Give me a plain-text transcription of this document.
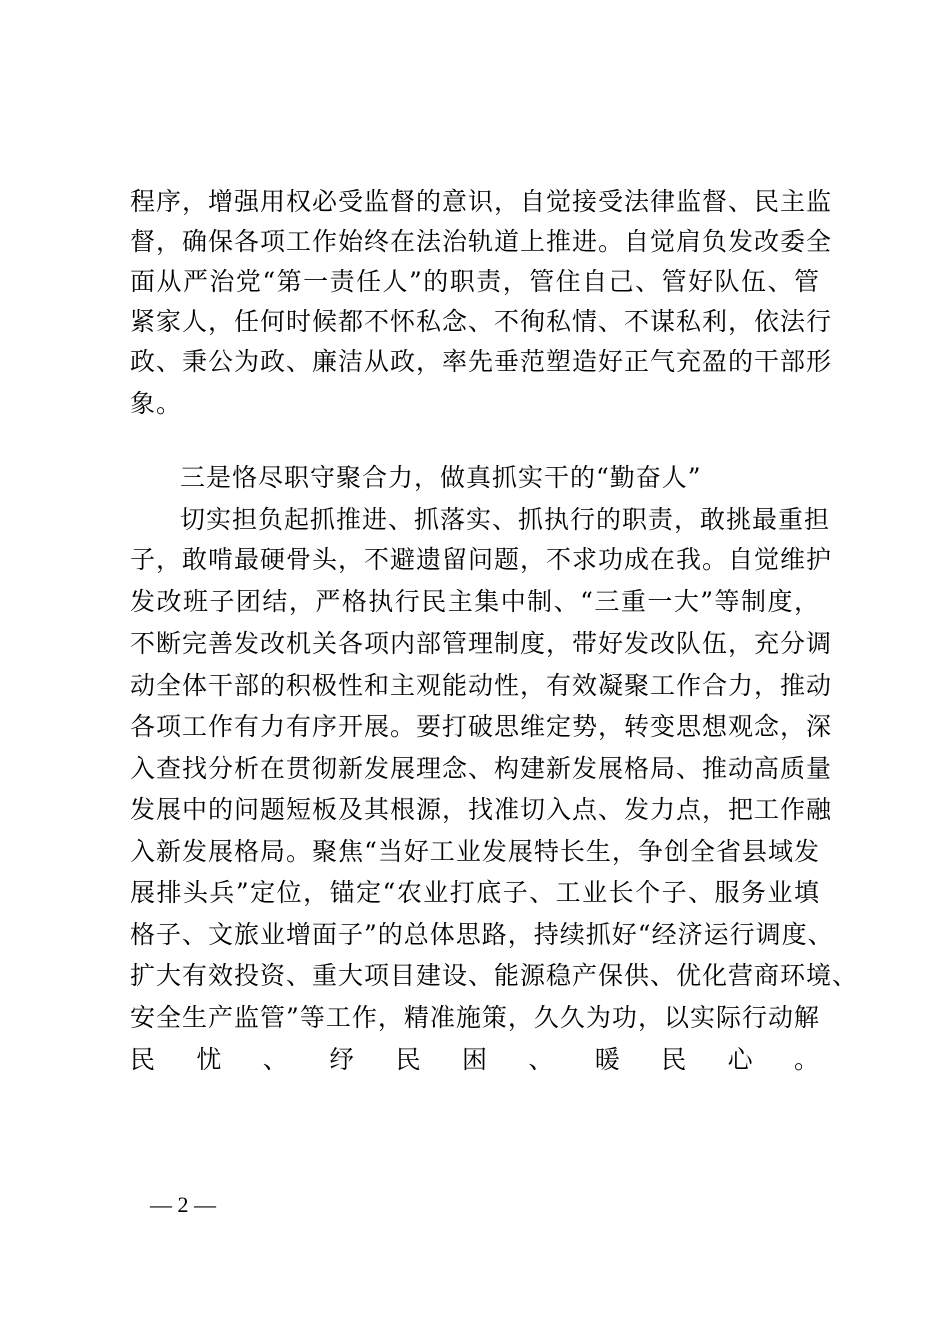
程序，增强用权必受监督的意识，自觉接受法律监督、民主监
督，确保各项工作始终在法治轨道上推进。自觉肩负发改委全
面从严治党“第一责任人”的职责，管住自己、管好队伍、管
紧家人，任何时候都不怀私念、不徇私情、不谋私利，依法行
政、秉公为政、廉洁从政，率先垂范塑造好正气充盈的干部形
象。
三是恪尽职守聚合力，做真抓实干的“勤奋人”
切实担负起抓推进、抓落实、抓执行的职责，敢挑最重担
子，敢啃最硬骨头，不避遗留问题，不求功成在我。自觉维护
发改班子团结，严格执行民主集中制、“三重一大”等制度，
不断完善发改机关各项内部管理制度，带好发改队伍，充分调
动全体干部的积极性和主观能动性，有效凝聚工作合力，推动
各项工作有力有序开展。要打破思维定势，转变思想观念，深
入查找分析在贯彻新发展理念、构建新发展格局、推动高质量
发展中的问题短板及其根源，找准切入点、发力点，把工作融
入新发展格局。聚焦“当好工业发展特长生，争创全省县域发
展排头兵”定位，锚定“农业打底子、工业长个子、服务业填
格子、文旅业增面子”的总体思路，持续抓好“经济运行调度、
扩大有效投资、重大项目建设、能源稳产保供、优化营商环境、
安全生产监管”等工作，精准施策，久久为功，以实际行动解
民忧、纾民困、暖民心。
— 2 —
